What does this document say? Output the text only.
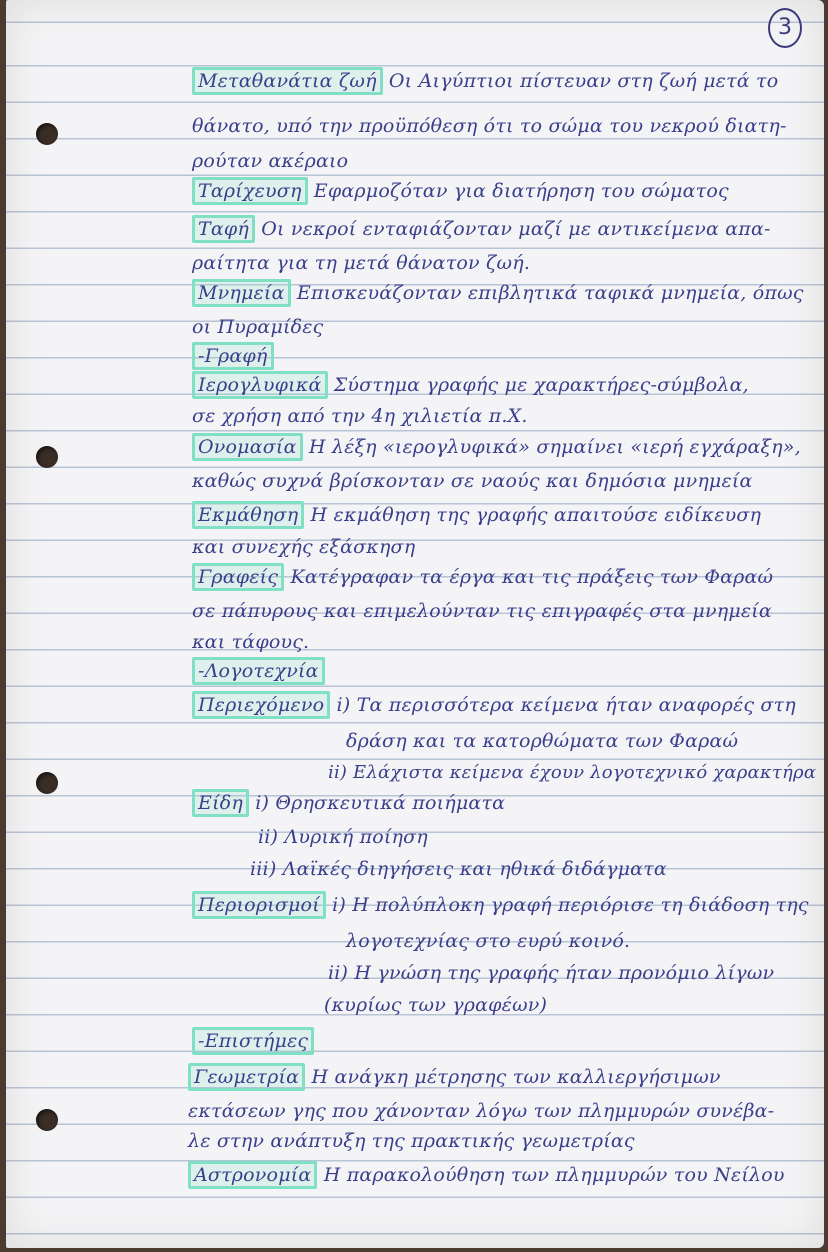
3
Μεταθανάτια ζωή Οι Αιγύπτιοι πίστευαν στη ζωή μετά το
θάνατο, υπό την προϋπόθεση ότι το σώμα του νεκρού διατη-
ρούταν ακέραιο
Ταρίχευση Εφαρμοζόταν για διατήρηση του σώματος
Ταφή Οι νεκροί ενταφιάζονταν μαζί με αντικείμενα απα-
ραίτητα για τη μετά θάνατον ζωή.
Μνημεία Επισκευάζονταν επιβλητικά ταφικά μνημεία, όπως
οι Πυραμίδες
-Γραφή
Ιερογλυφικά Σύστημα γραφής με χαρακτήρες-σύμβολα,
σε χρήση από την 4η χιλιετία π.Χ.
Ονομασία Η λέξη «ιερογλυφικά» σημαίνει «ιερή εγχάραξη»,
καθώς συχνά βρίσκονταν σε ναούς και δημόσια μνημεία
Εκμάθηση Η εκμάθηση της γραφής απαιτούσε ειδίκευση
και συνεχής εξάσκηση
Γραφείς Κατέγραφαν τα έργα και τις πράξεις των Φαραώ
σε πάπυρους και επιμελούνταν τις επιγραφές στα μνημεία
και τάφους.
-Λογοτεχνία
Περιεχόμενο i) Τα περισσότερα κείμενα ήταν αναφορές στη
δράση και τα κατορθώματα των Φαραώ
ii) Ελάχιστα κείμενα έχουν λογοτεχνικό χαρακτήρα
Είδη i) Θρησκευτικά ποιήματα
ii) Λυρική ποίηση
iii) Λαϊκές διηγήσεις και ηθικά διδάγματα
Περιορισμοί i) Η πολύπλοκη γραφή περιόρισε τη διάδοση της
λογοτεχνίας στο ευρύ κοινό.
ii) Η γνώση της γραφής ήταν προνόμιο λίγων
(κυρίως των γραφέων)
-Επιστήμες
Γεωμετρία Η ανάγκη μέτρησης των καλλιεργήσιμων
εκτάσεων γης που χάνονταν λόγω των πλημμυρών συνέβα-
λε στην ανάπτυξη της πρακτικής γεωμετρίας
Αστρονομία Η παρακολούθηση των πλημμυρών του Νείλου
